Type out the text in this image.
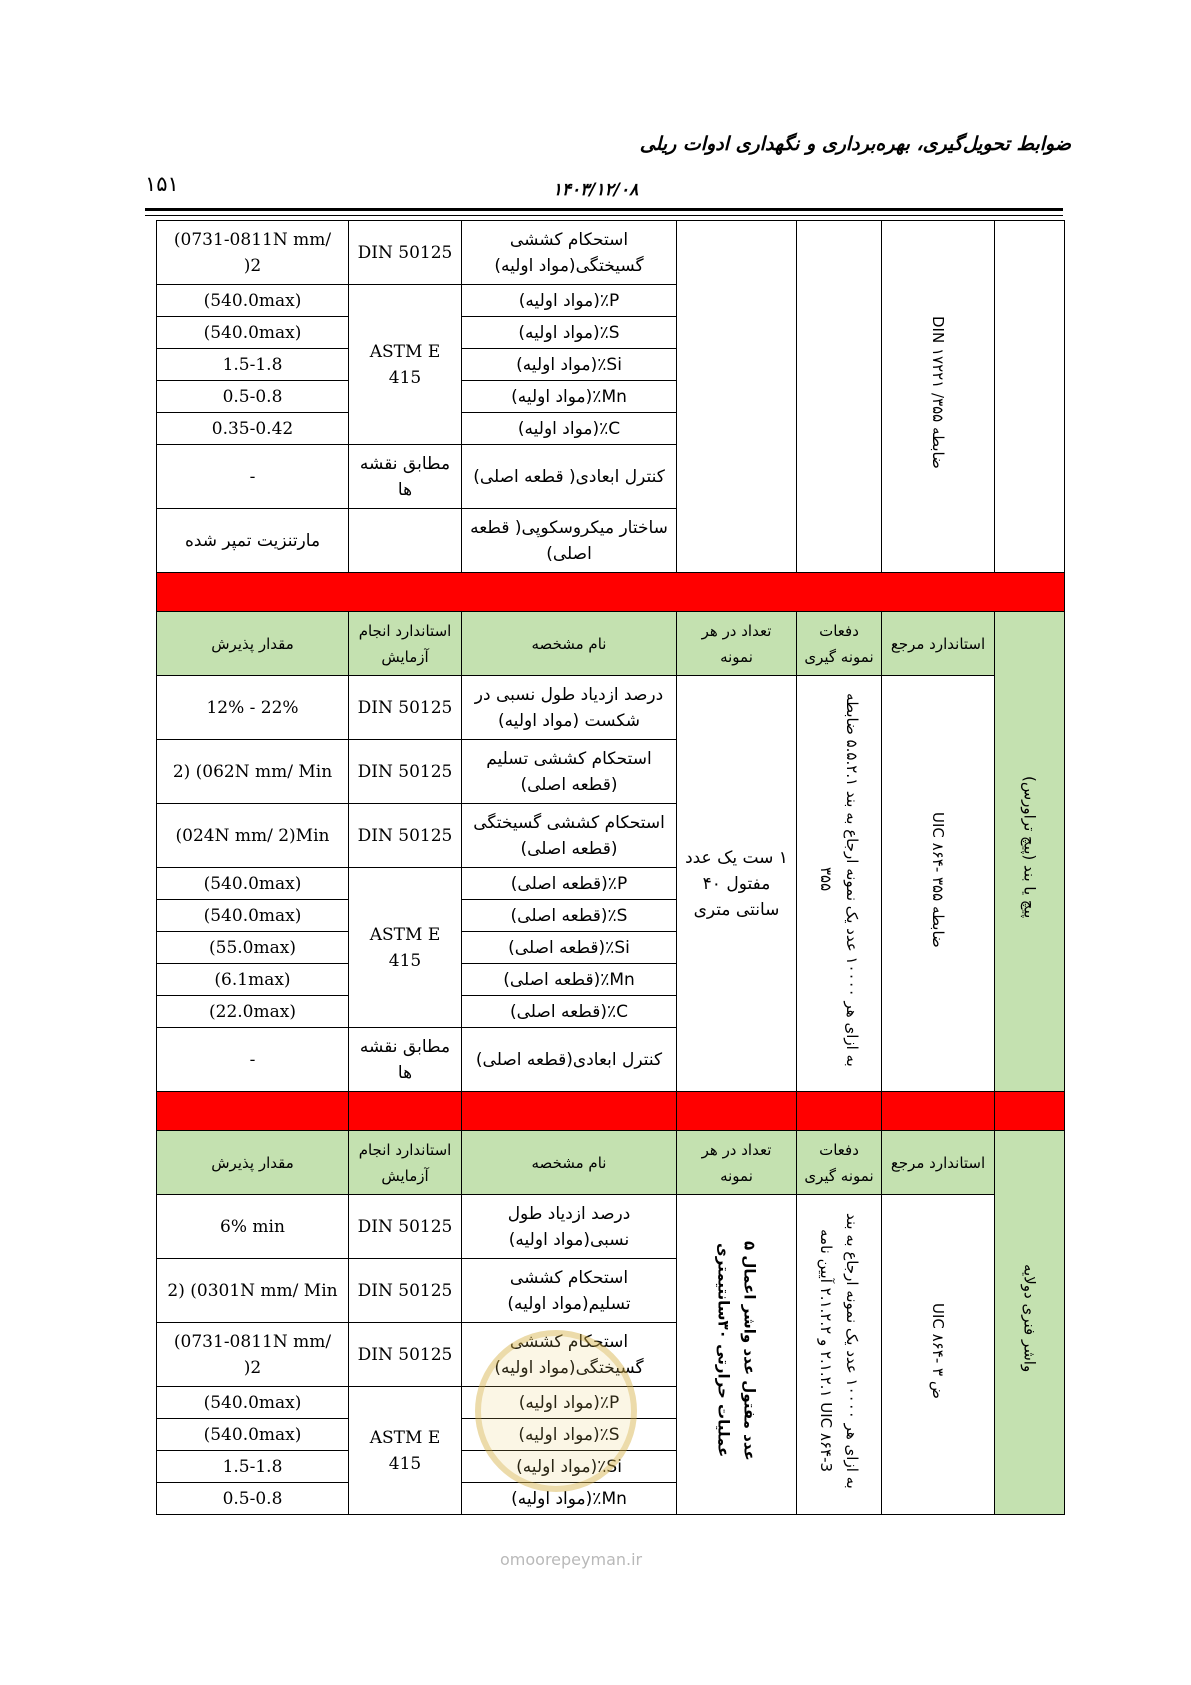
ضوابط تحویل‌گیری، بهره‌برداری و نگهداری ادوات ریلی
۱۵۱	۱۴۰۳/۱۲/۰۸
(0731-0811N mm/ )2	DIN 50125	استحکام کششی گسیختگی(مواد اولیه)			DIN ۱۷۲۲۱ /۳۵۵ ضابطه	
(540.0max)	ASTM E 415	P٪(مواد اولیه)				
(540.0max)		S٪(مواد اولیه)				
1.5-1.8		Si٪(مواد اولیه)				
0.5-0.8		Mn٪(مواد اولیه)				
0.35-0.42		C٪(مواد اولیه)				
-	مطابق نقشه ها	کنترل ابعادی( قطعه اصلی)				
مارتنزیت تمپر شده		ساختار میکروسکوپی( قطعه اصلی)				

مقدار پذیرش	استاندارد انجام آزمایش	نام مشخصه	تعداد در هر نمونه	دفعات نمونه گیری	استاندارد مرجع	پیچ یا بند (پیچ تراورس)
12% - 22%	DIN 50125	درصد ازدیاد طول نسبی در شکست (مواد اولیه)	۱ ست یک عدد مفتول ۴۰ سانتی متری	به ازای هر ۱۰۰۰۰ عدد یک نمونه ارجاع به بند ۵.۵.۲.۱ ضابطه ۳۵۵	UIC ۸۶۴- ۳۵۵ ضابطه	
2) (062N mm/ Min	DIN 50125	استحکام کششی تسلیم (قطعه اصلی)				
(024N mm/ 2)Min	DIN 50125	استحکام کششی گسیختگی (قطعه اصلی)				
(540.0max)	ASTM E 415	P٪(قطعه اصلی)				
(540.0max)		S٪(قطعه اصلی)				
(55.0max)		Si٪(قطعه اصلی)				
(6.1max)		Mn٪(قطعه اصلی)				
(22.0max)		C٪(قطعه اصلی)				
-	مطابق نقشه ها	کنترل ابعادی(قطعه اصلی)				

مقدار پذیرش	استاندارد انجام آزمایش	نام مشخصه	تعداد در هر نمونه	دفعات نمونه گیری	استاندارد مرجع	واشر فنری دولایه
6% min	DIN 50125	درصد ازدیاد طول نسبی(مواد اولیه)	۵ عدد مفتول عدد واشر اعمال عملیات حرارتی ۳۰سانتیمتری	به ازای هر ۱۰۰۰۰ عدد یک نمونه ارجاع به بند ۲.۱.۲.۱ و ۲.۱.۲.۲ آیین نامه UIC ۸۶۴-3	UIC ۸۶۴- ض ۳	
2) (0301N mm/ Min	DIN 50125	استحکام کششی تسلیم(مواد اولیه)				
(0731-0811N mm/ )2	DIN 50125	استحکام کششی گسیختگی(مواد اولیه)				
(540.0max)	ASTM E 415	P٪(مواد اولیه)				
(540.0max)		S٪(مواد اولیه)				
1.5-1.8		Si٪(مواد اولیه)				
0.5-0.8		Mn٪(مواد اولیه)				
omoorepeyman.ir
